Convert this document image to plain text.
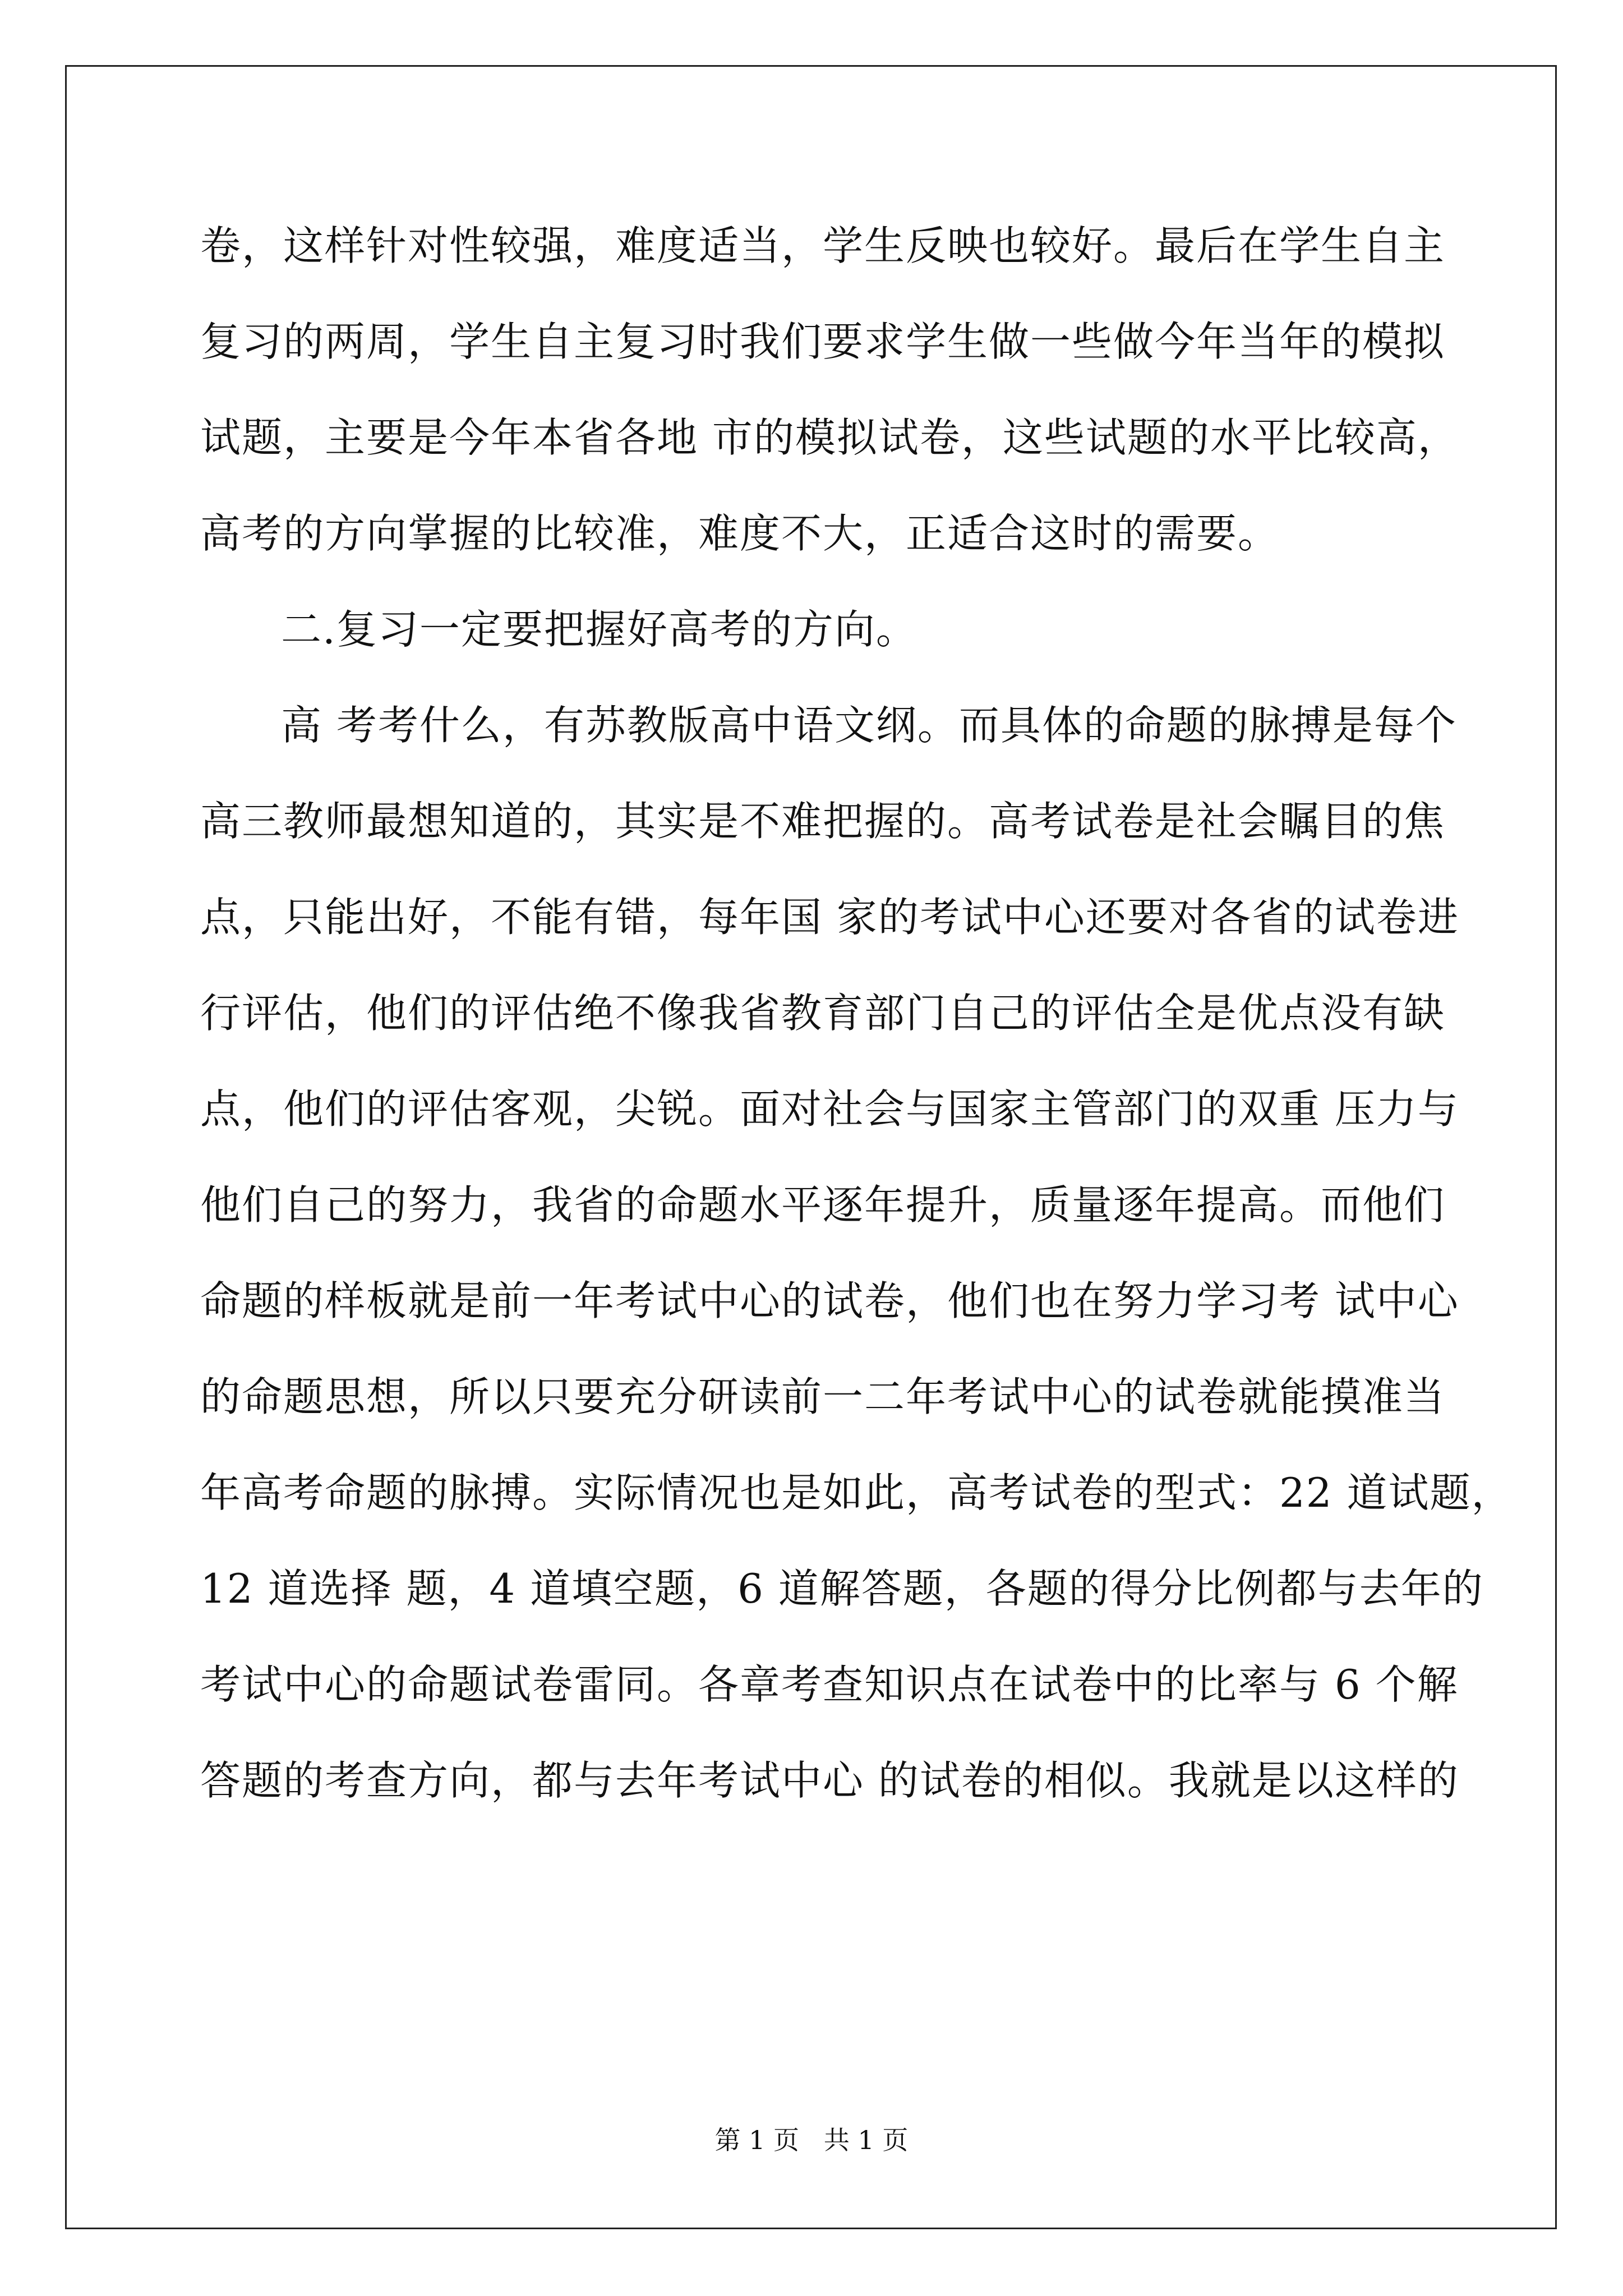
卷，这样针对性较强，难度适当，学生反映也较好。最后在学生自主
复习的两周，学生自主复习时我们要求学生做一些做今年当年的模拟
试题，主要是今年本省各地 市的模拟试卷，这些试题的水平比较高，
高考的方向掌握的比较准，难度不大，正适合这时的需要。
二.复习一定要把握好高考的方向。
高 考考什么，有苏教版高中语文纲。而具体的命题的脉搏是每个
高三教师最想知道的，其实是不难把握的。高考试卷是社会瞩目的焦
点，只能出好，不能有错，每年国 家的考试中心还要对各省的试卷进
行评估，他们的评估绝不像我省教育部门自己的评估全是优点没有缺
点，他们的评估客观，尖锐。面对社会与国家主管部门的双重 压力与
他们自己的努力，我省的命题水平逐年提升，质量逐年提高。而他们
命题的样板就是前一年考试中心的试卷，他们也在努力学习考 试中心
的命题思想，所以只要充分研读前一二年考试中心的试卷就能摸准当
年高考命题的脉搏。实际情况也是如此，高考试卷的型式：22 道试题，
12 道选择 题，4 道填空题，6 道解答题，各题的得分比例都与去年的
考试中心的命题试卷雷同。各章考查知识点在试卷中的比率与 6 个解
答题的考查方向，都与去年考试中心 的试卷的相似。我就是以这样的
第 1 页   共 1 页
